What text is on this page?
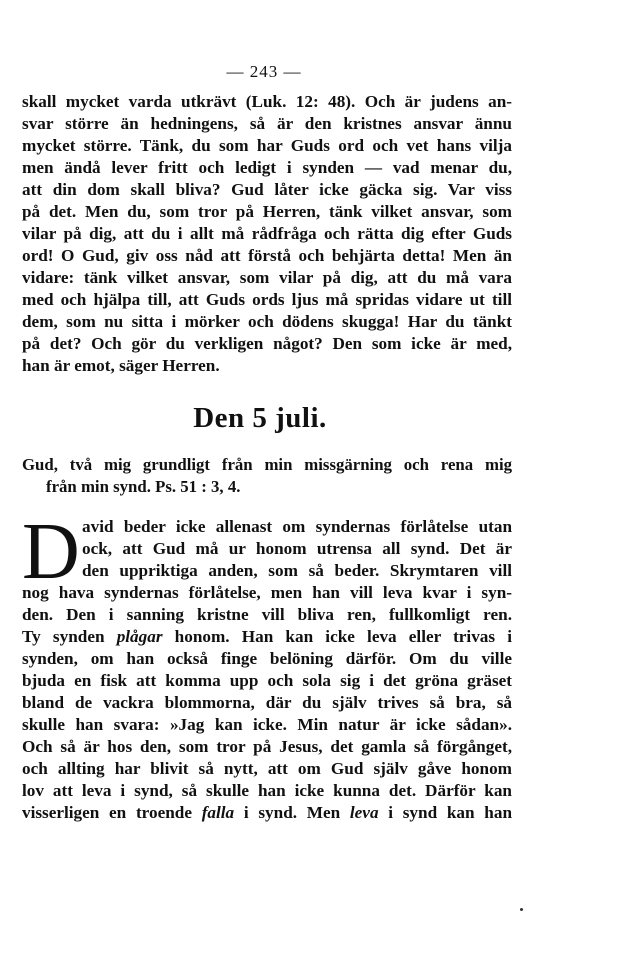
— 243 —
skall mycket varda utkrävt (Luk. 12: 48). Och är judens an-
svar större än hedningens, så är den kristnes ansvar ännu
mycket större. Tänk, du som har Guds ord och vet hans vilja
men ändå lever fritt och ledigt i synden — vad menar du,
att din dom skall bliva? Gud låter icke gäcka sig. Var viss
på det. Men du, som tror på Herren, tänk vilket ansvar, som
vilar på dig, att du i allt må rådfråga och rätta dig efter Guds
ord! O Gud, giv oss nåd att förstå och behjärta detta! Men än
vidare: tänk vilket ansvar, som vilar på dig, att du må vara
med och hjälpa till, att Guds ords ljus må spridas vidare ut till
dem, som nu sitta i mörker och dödens skugga! Har du tänkt
på det? Och gör du verkligen något? Den som icke är med,
han är emot, säger Herren.
Den 5 juli.
Gud, två mig grundligt från min missgärning och rena mig
från min synd. Ps. 51 : 3, 4.
D avid beder icke allenast om syndernas förlåtelse utan
ock, att Gud må ur honom utrensa all synd. Det är
den uppriktiga anden, som så beder. Skrymtaren vill
nog hava syndernas förlåtelse, men han vill leva kvar i syn-
den. Den i sanning kristne vill bliva ren, fullkomligt ren.
Ty synden plågar honom. Han kan icke leva eller trivas i
synden, om han också finge belöning därför. Om du ville
bjuda en fisk att komma upp och sola sig i det gröna gräset
bland de vackra blommorna, där du själv trives så bra, så
skulle han svara: »Jag kan icke. Min natur är icke sådan».
Och så är hos den, som tror på Jesus, det gamla så förgånget,
och allting har blivit så nytt, att om Gud själv gåve honom
lov att leva i synd, så skulle han icke kunna det. Därför kan
visserligen en troende falla i synd. Men leva i synd kan han
